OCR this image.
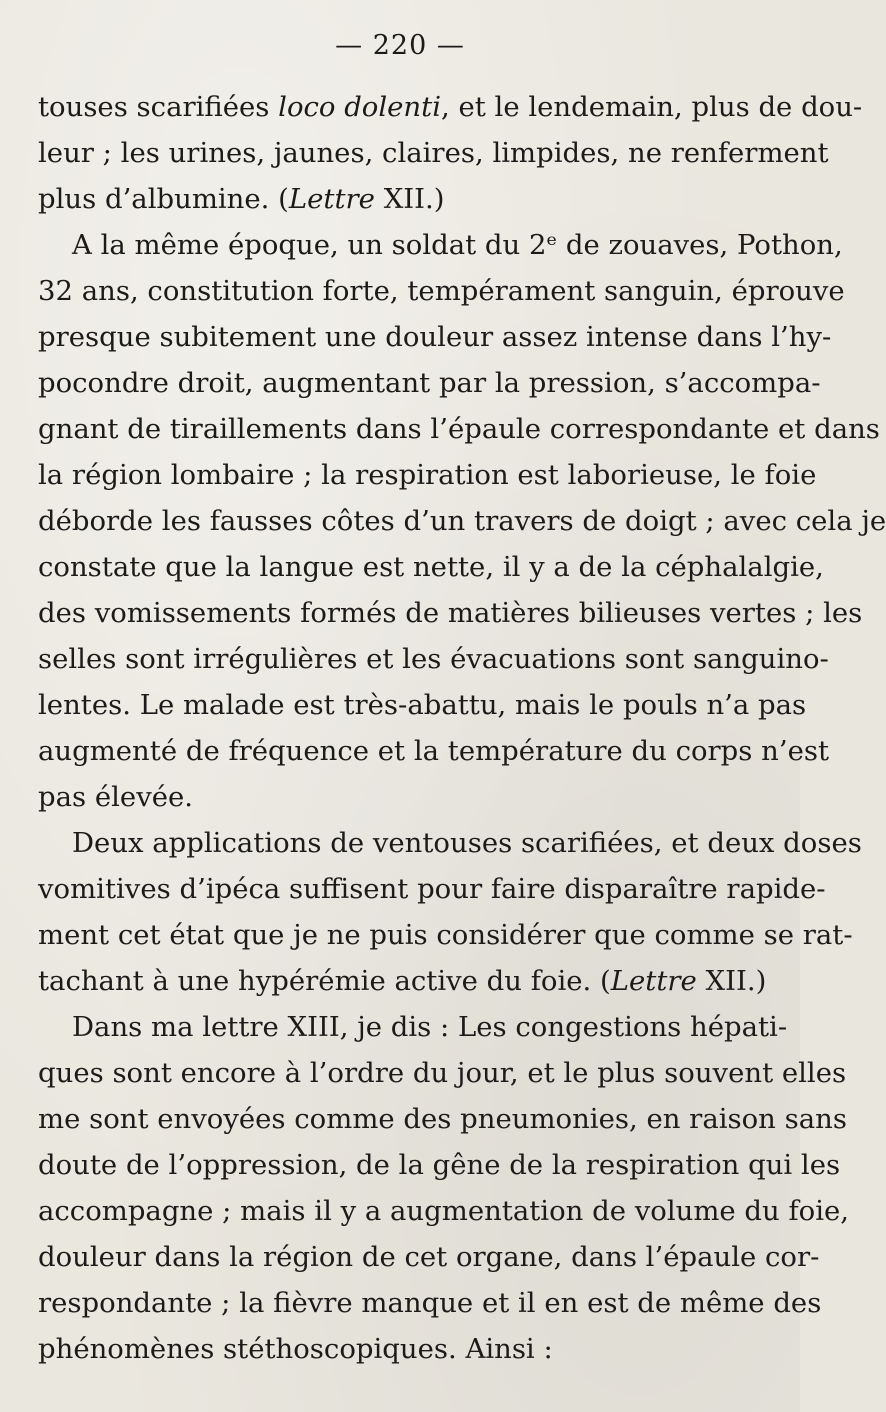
— 220 —
touses scarifiées loco dolenti, et le lendemain, plus de dou-
leur ; les urines, jaunes, claires, limpides, ne renferment
plus d’albumine. (Lettre XII.)
A la même époque, un soldat du 2ᵉ de zouaves, Pothon,
32 ans, constitution forte, tempérament sanguin, éprouve
presque subitement une douleur assez intense dans l’hy-
pocondre droit, augmentant par la pression, s’accompa-
gnant de tiraillements dans l’épaule correspondante et dans
la région lombaire ; la respiration est laborieuse, le foie
déborde les fausses côtes d’un travers de doigt ; avec cela je
constate que la langue est nette, il y a de la céphalalgie,
des vomissements formés de matières bilieuses vertes ; les
selles sont irrégulières et les évacuations sont sanguino-
lentes. Le malade est très-abattu, mais le pouls n’a pas
augmenté de fréquence et la température du corps n’est
pas élevée.
Deux applications de ventouses scarifiées, et deux doses
vomitives d’ipéca suffisent pour faire disparaître rapide-
ment cet état que je ne puis considérer que comme se rat-
tachant à une hypérémie active du foie. (Lettre XII.)
Dans ma lettre XIII, je dis : Les congestions hépati-
ques sont encore à l’ordre du jour, et le plus souvent elles
me sont envoyées comme des pneumonies, en raison sans
doute de l’oppression, de la gêne de la respiration qui les
accompagne ; mais il y a augmentation de volume du foie,
douleur dans la région de cet organe, dans l’épaule cor-
respondante ; la fièvre manque et il en est de même des
phénomènes stéthoscopiques. Ainsi :
